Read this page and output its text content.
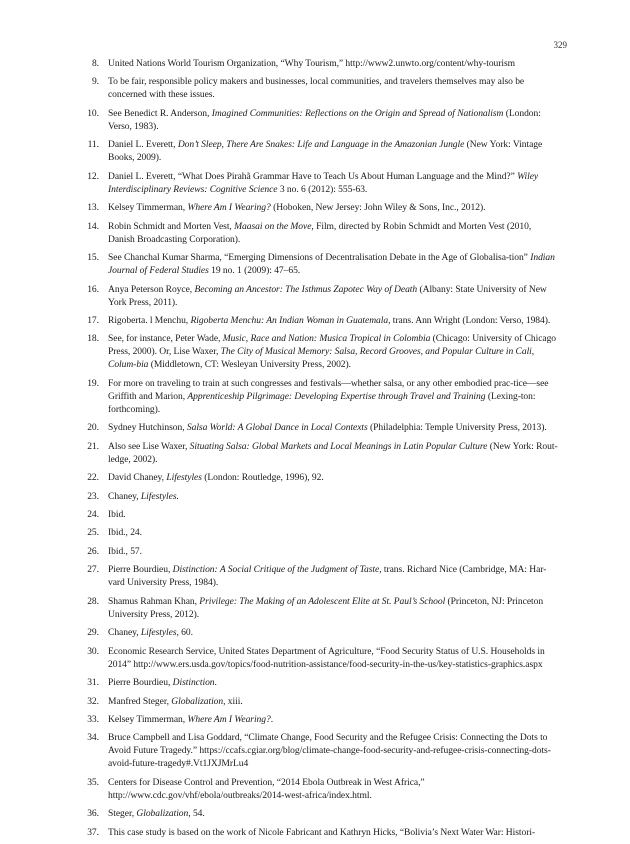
329
8. United Nations World Tourism Organization, “Why Tourism,” http://www2.unwto.org/content/why-tourism
9. To be fair, responsible policy makers and businesses, local communities, and travelers themselves may also be concerned with these issues.
10. See Benedict R. Anderson, Imagined Communities: Reflections on the Origin and Spread of Nationalism (London: Verso, 1983).
11. Daniel L. Everett, Don’t Sleep, There Are Snakes: Life and Language in the Amazonian Jungle (New York: Vintage Books, 2009).
12. Daniel L. Everett, “What Does Pirahã Grammar Have to Teach Us About Human Language and the Mind?” Wiley Interdisciplinary Reviews: Cognitive Science 3 no. 6 (2012): 555-63.
13. Kelsey Timmerman, Where Am I Wearing? (Hoboken, New Jersey: John Wiley & Sons, Inc., 2012).
14. Robin Schmidt and Morten Vest, Maasai on the Move, Film, directed by Robin Schmidt and Morten Vest (2010, Danish Broadcasting Corporation).
15. See Chanchal Kumar Sharma, “Emerging Dimensions of Decentralisation Debate in the Age of Globalisa-tion” Indian Journal of Federal Studies 19 no. 1 (2009): 47–65.
16. Anya Peterson Royce, Becoming an Ancestor: The Isthmus Zapotec Way of Death (Albany: State University of New York Press, 2011).
17. Rigoberta. l Menchu, Rigoberta Menchu: An Indian Woman in Guatemala, trans. Ann Wright (London: Verso, 1984).
18. See, for instance, Peter Wade, Music, Race and Nation: Musica Tropical in Colombia (Chicago: University of Chicago Press, 2000). Or, Lise Waxer, The City of Musical Memory: Salsa, Record Grooves, and Popular Culture in Cali, Colum-bia (Middletown, CT: Wesleyan University Press, 2002).
19. For more on traveling to train at such congresses and festivals—whether salsa, or any other embodied prac-tice—see Griffith and Marion, Apprenticeship Pilgrimage: Developing Expertise through Travel and Training (Lexing-ton: forthcoming).
20. Sydney Hutchinson, Salsa World: A Global Dance in Local Contexts (Philadelphia: Temple University Press, 2013).
21. Also see Lise Waxer, Situating Salsa: Global Markets and Local Meanings in Latin Popular Culture (New York: Rout-ledge, 2002).
22. David Chaney, Lifestyles (London: Routledge, 1996), 92.
23. Chaney, Lifestyles.
24. Ibid.
25. Ibid., 24.
26. Ibid., 57.
27. Pierre Bourdieu, Distinction: A Social Critique of the Judgment of Taste, trans. Richard Nice (Cambridge, MA: Har-vard University Press, 1984).
28. Shamus Rahman Khan, Privilege: The Making of an Adolescent Elite at St. Paul’s School (Princeton, NJ: Princeton University Press, 2012).
29. Chaney, Lifestyles, 60.
30. Economic Research Service, United States Department of Agriculture, “Food Security Status of U.S. Households in 2014” http://www.ers.usda.gov/topics/food-nutrition-assistance/food-security-in-the-us/key-statistics-graphics.aspx
31. Pierre Bourdieu, Distinction.
32. Manfred Steger, Globalization, xiii.
33. Kelsey Timmerman, Where Am I Wearing?.
34. Bruce Campbell and Lisa Goddard, “Climate Change, Food Security and the Refugee Crisis: Connecting the Dots to Avoid Future Tragedy.” https://ccafs.cgiar.org/blog/climate-change-food-security-and-refugee-crisis-connecting-dots-avoid-future-tragedy#.Vt1JXJMrLu4
35. Centers for Disease Control and Prevention, “2014 Ebola Outbreak in West Africa,” http://www.cdc.gov/vhf/ebola/outbreaks/2014-west-africa/index.html.
36. Steger, Globalization, 54.
37. This case study is based on the work of Nicole Fabricant and Kathryn Hicks, “Bolivia’s Next Water War: Histori-
